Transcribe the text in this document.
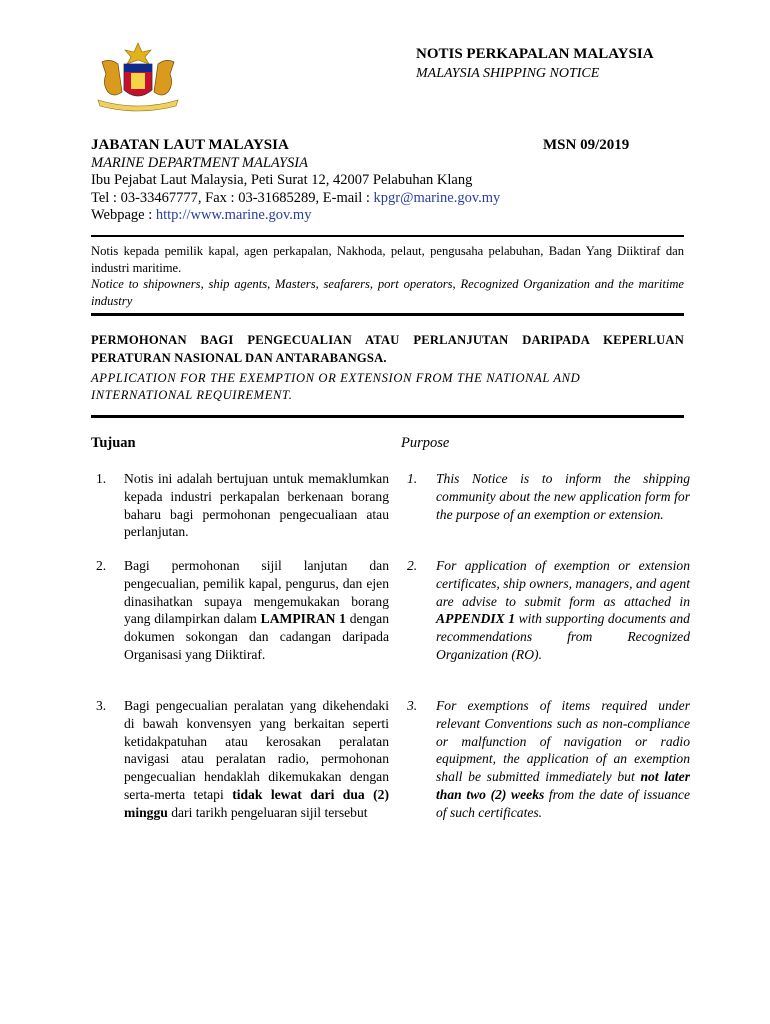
NOTIS PERKAPALAN MALAYSIA
MALAYSIA SHIPPING NOTICE
JABATAN LAUT MALAYSIA	MSN 09/2019
MARINE DEPARTMENT MALAYSIA
Ibu Pejabat Laut Malaysia, Peti Surat 12, 42007 Pelabuhan Klang
Tel : 03-33467777, Fax : 03-31685289, E-mail : kpgr@marine.gov.my
Webpage : http://www.marine.gov.my

Notis kepada pemilik kapal, agen perkapalan, Nakhoda, pelaut, pengusaha pelabuhan, Badan Yang Diiktiraf dan industri maritime.

Notice to shipowners, ship agents, Masters, seafarers, port operators, Recognized Organization and the maritime industry

PERMOHONAN BAGI PENGECUALIAN ATAU PERLANJUTAN DARIPADA KEPERLUAN PERATURAN NASIONAL DAN ANTARABANGSA.
APPLICATION FOR THE EXEMPTION OR EXTENSION FROM THE NATIONAL AND INTERNATIONAL REQUIREMENT.
Tujuan	Purpose
1.	Notis ini adalah bertujuan untuk memaklumkan kepada industri perkapalan berkenaan borang baharu bagi permohonan pengecualiaan atau perlanjutan.
1.	This Notice is to inform the shipping community about the new application form for the purpose of an exemption or extension.
2.	Bagi permohonan sijil lanjutan dan pengecualian, pemilik kapal, pengurus, dan ejen dinasihatkan supaya mengemukakan borang yang dilampirkan dalam LAMPIRAN 1 dengan dokumen sokongan dan cadangan daripada Organisasi yang Diiktiraf.
2.	For application of exemption or extension certificates, ship owners, managers, and agent are advise to submit form as attached in APPENDIX 1 with supporting documents and recommendations from Recognized Organization (RO).
3.	Bagi pengecualian peralatan yang dikehendaki di bawah konvensyen yang berkaitan seperti ketidakpatuhan atau kerosakan peralatan navigasi atau peralatan radio, permohonan pengecualian hendaklah dikemukakan dengan serta-merta tetapi tidak lewat dari dua (2) minggu dari tarikh pengeluaran sijil tersebut
3.	For exemptions of items required under relevant Conventions such as non-compliance or malfunction of navigation or radio equipment, the application of an exemption shall be submitted immediately but not later than two (2) weeks from the date of issuance of such certificates.
